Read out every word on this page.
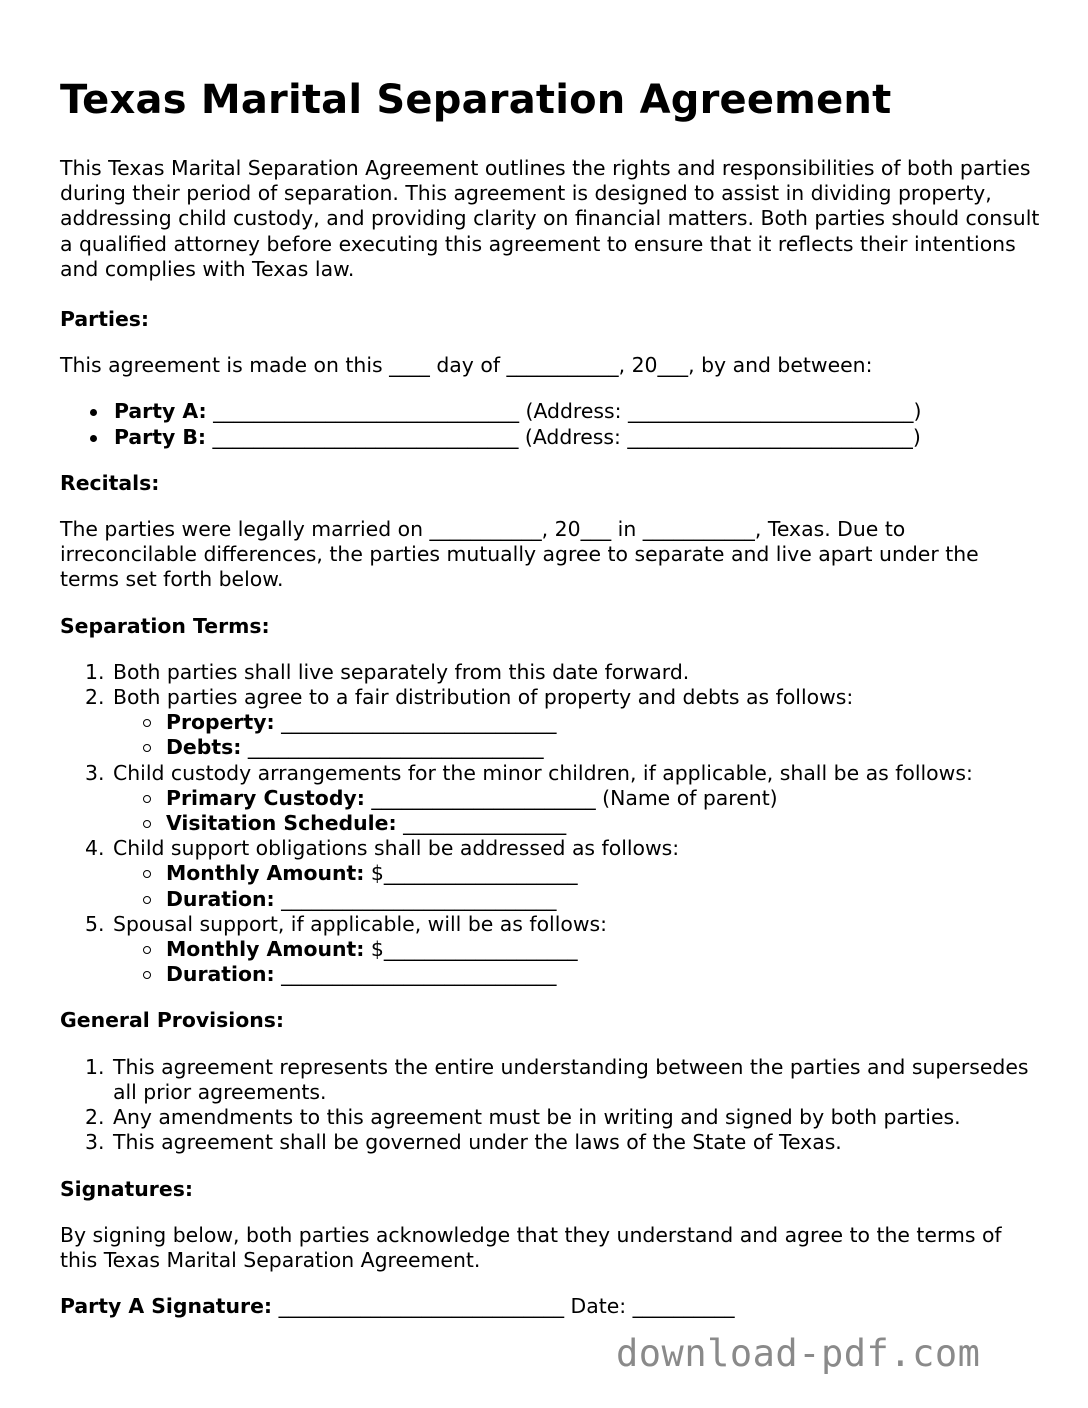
Texas Marital Separation Agreement

This Texas Marital Separation Agreement outlines the rights and responsibilities of both parties during their period of separation. This agreement is designed to assist in dividing property, addressing child custody, and providing clarity on financial matters. Both parties should consult a qualified attorney before executing this agreement to ensure that it reflects their intentions and complies with Texas law.

Parties:

This agreement is made on this ____ day of ___________, 20___, by and between:

Party A: ______________________________ (Address: ____________________________)
Party B: ______________________________ (Address: ____________________________)

Recitals:

The parties were legally married on ___________, 20___ in ___________, Texas. Due to irreconcilable differences, the parties mutually agree to separate and live apart under the terms set forth below.

Separation Terms:

1. Both parties shall live separately from this date forward.
2. Both parties agree to a fair distribution of property and debts as follows:
Property: ___________________________
Debts: _____________________________
3. Child custody arrangements for the minor children, if applicable, shall be as follows:
Primary Custody: ______________________ (Name of parent)
Visitation Schedule: ________________
4. Child support obligations shall be addressed as follows:
Monthly Amount: $___________________
Duration: ___________________________
5. Spousal support, if applicable, will be as follows:
Monthly Amount: $___________________
Duration: ___________________________

General Provisions:

1. This agreement represents the entire understanding between the parties and supersedes all prior agreements.
2. Any amendments to this agreement must be in writing and signed by both parties.
3. This agreement shall be governed under the laws of the State of Texas.

Signatures:

By signing below, both parties acknowledge that they understand and agree to the terms of this Texas Marital Separation Agreement.

Party A Signature: ____________________________ Date: __________

download-pdf.com
